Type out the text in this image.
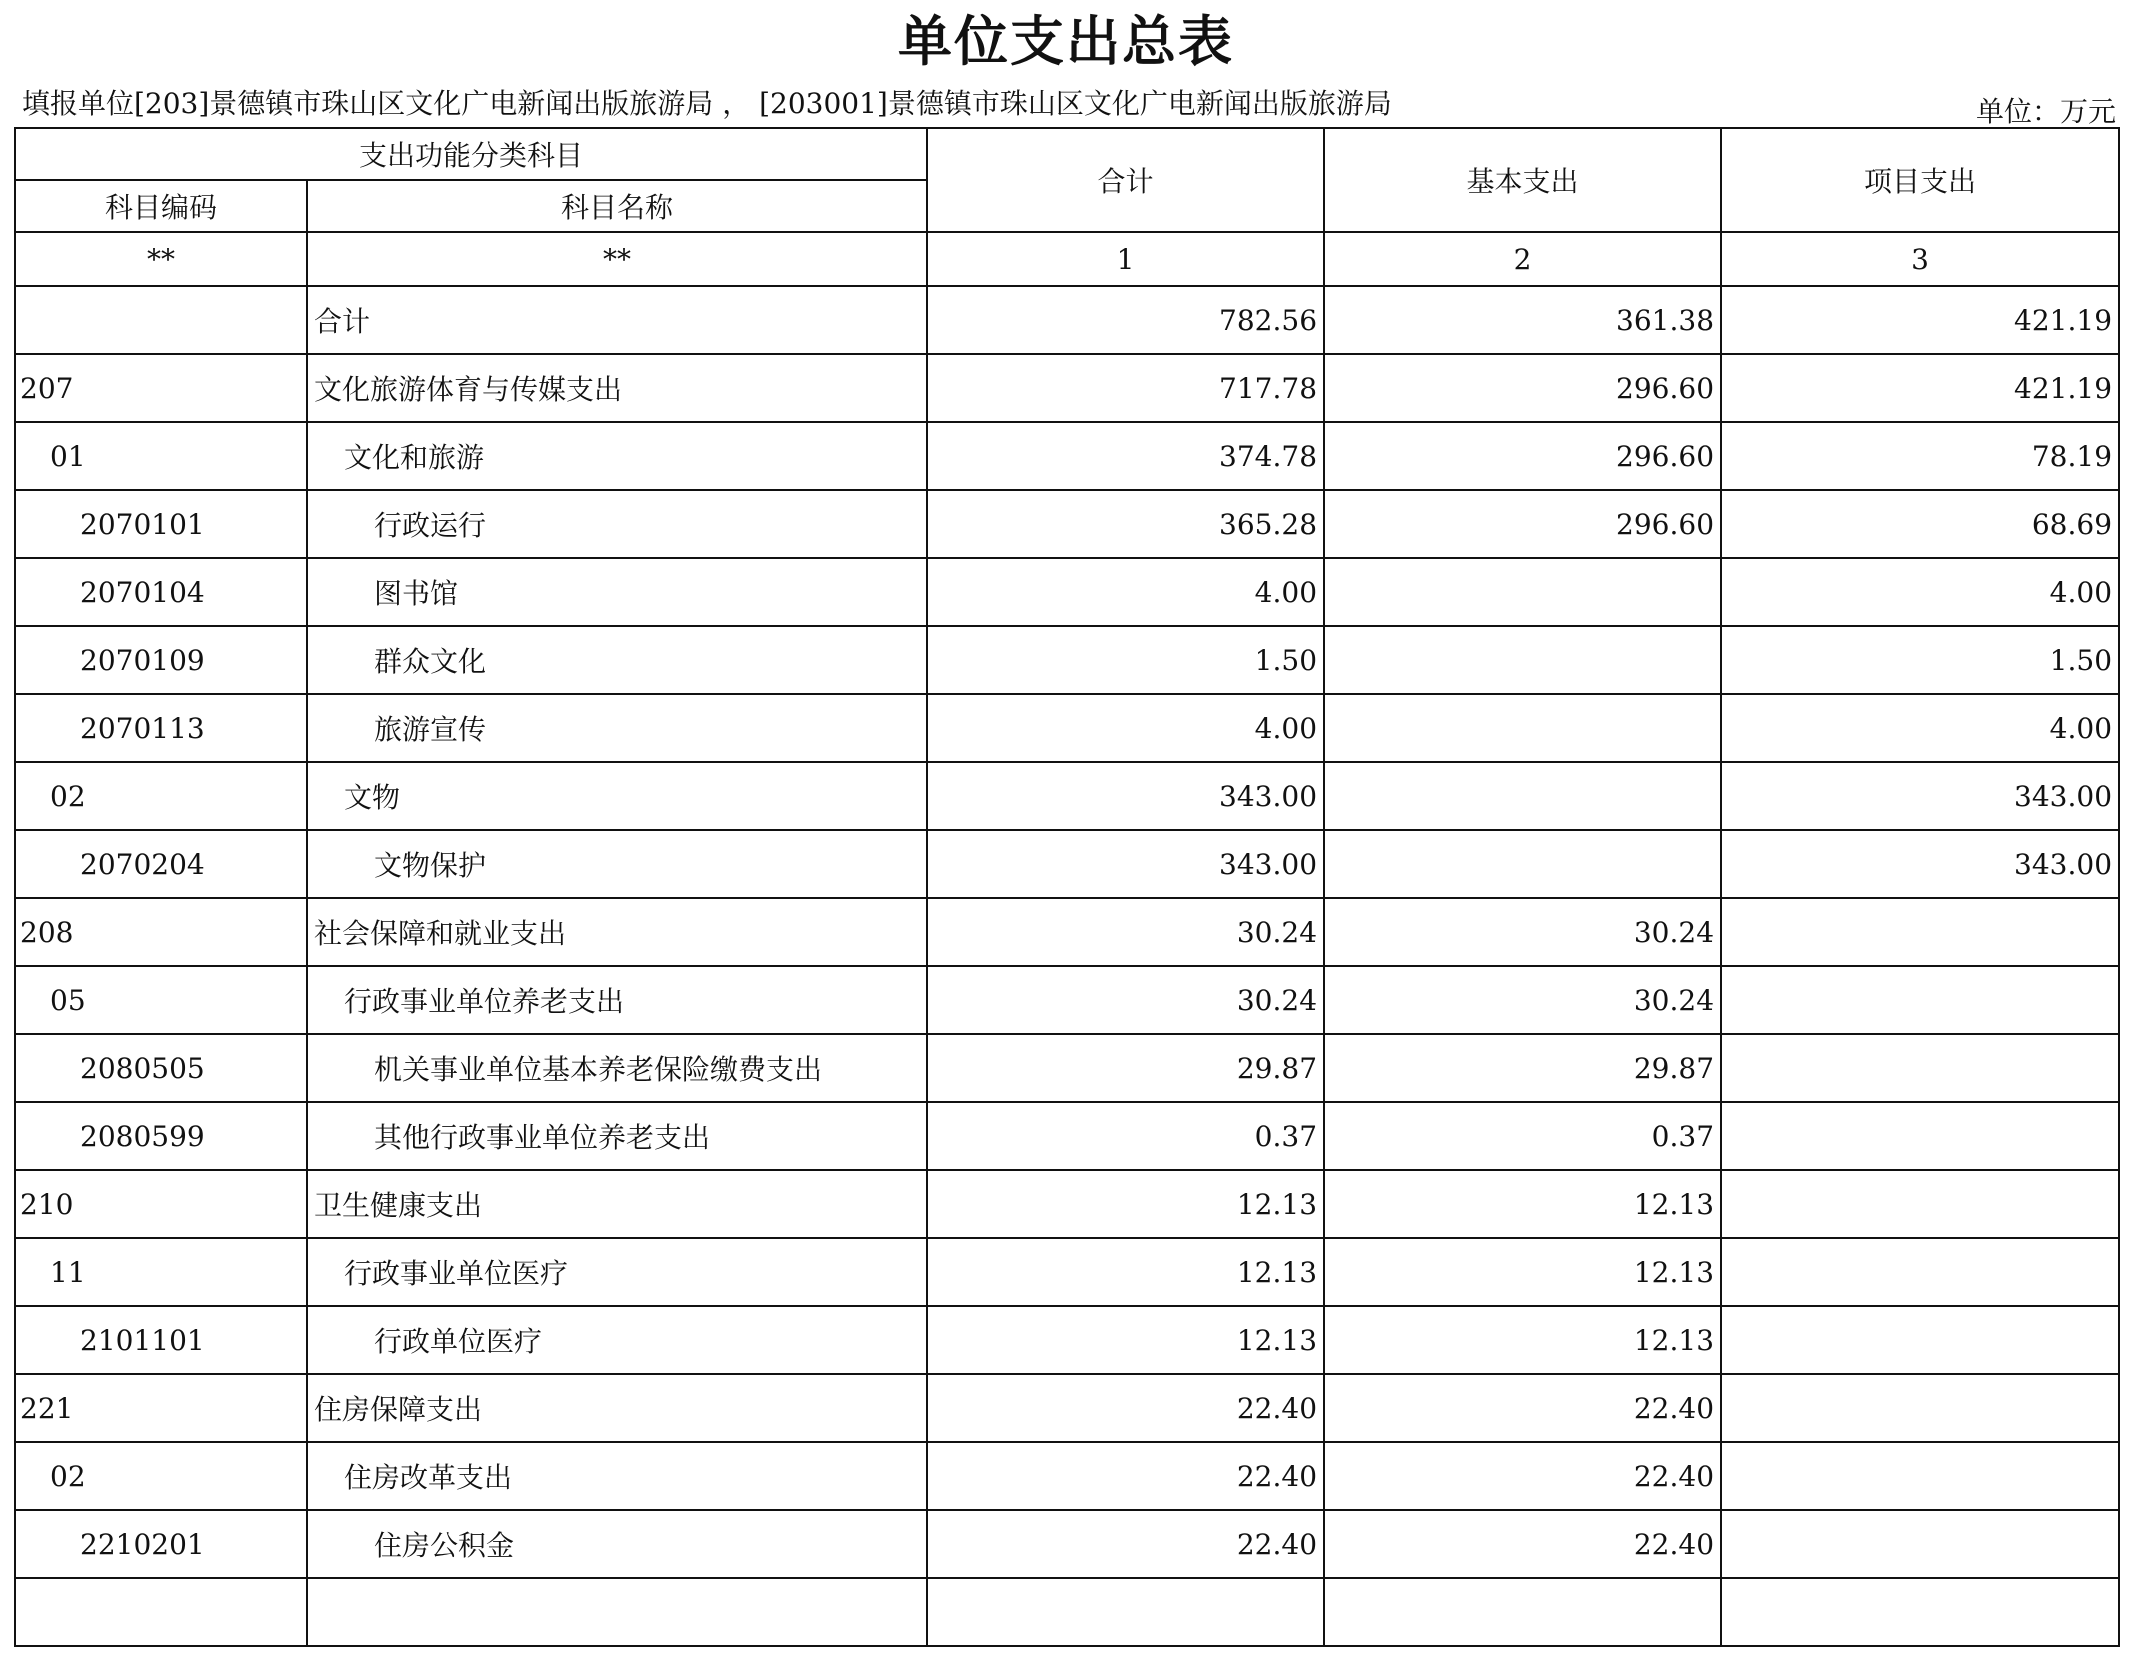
单位支出总表
填报单位[203]景德镇市珠山区文化广电新闻出版旅游局 ， [203001]景德镇市珠山区文化广电新闻出版旅游局	单位：万元
支出功能分类科目		合计	基本支出	项目支出
科目编码	科目名称			
**	**	1	2	3
	合计	782.56	361.38	421.19
207	文化旅游体育与传媒支出	717.78	296.60	421.19
01	文化和旅游	374.78	296.60	78.19
2070101	行政运行	365.28	296.60	68.69
2070104	图书馆	4.00		4.00
2070109	群众文化	1.50		1.50
2070113	旅游宣传	4.00		4.00
02	文物	343.00		343.00
2070204	文物保护	343.00		343.00
208	社会保障和就业支出	30.24	30.24	
05	行政事业单位养老支出	30.24	30.24	
2080505	机关事业单位基本养老保险缴费支出	29.87	29.87	
2080599	其他行政事业单位养老支出	0.37	0.37	
210	卫生健康支出	12.13	12.13	
11	行政事业单位医疗	12.13	12.13	
2101101	行政单位医疗	12.13	12.13	
221	住房保障支出	22.40	22.40	
02	住房改革支出	22.40	22.40	
2210201	住房公积金	22.40	22.40	
